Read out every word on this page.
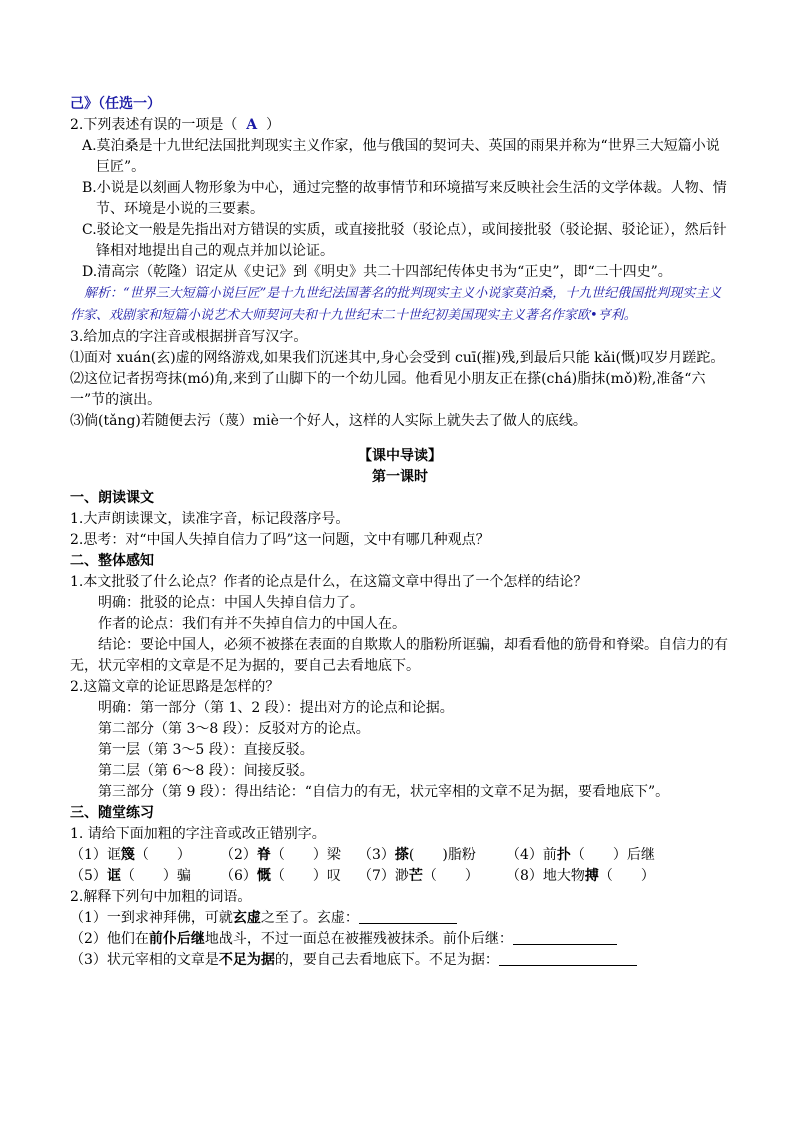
己》（任选一）
2.下列表述有误的一项是（ A ）
A.莫泊桑是十九世纪法国批判现实主义作家，他与俄国的契诃夫、英国的雨果并称为“世界三大短篇小说巨匠”。
B.小说是以刻画人物形象为中心，通过完整的故事情节和环境描写来反映社会生活的文学体裁。人物、情节、环境是小说的三要素。
C.驳论文一般是先指出对方错误的实质，或直接批驳（驳论点），或间接批驳（驳论据、驳论证），然后针锋相对地提出自己的观点并加以论证。
D.清高宗（乾隆）诏定从《史记》到《明史》共二十四部纪传体史书为“正史”，即“二十四史”。
解析：“世界三大短篇小说巨匠”是十九世纪法国著名的批判现实主义小说家莫泊桑，十九世纪俄国批判现实主义作家、戏剧家和短篇小说艺术大师契诃夫和十九世纪末二十世纪初美国现实主义著名作家欧•亨利。
3.给加点的字注音或根据拼音写汉字。
⑴面对 xuán(玄)虚的网络游戏,如果我们沉迷其中,身心会受到 cuī(摧)残,到最后只能 kǎi(慨)叹岁月蹉跎。
⑵这位记者拐弯抹(mó)角,来到了山脚下的一个幼儿园。他看见小朋友正在搽(chá)脂抹(mǒ)粉,准备“六一”节的演出。
⑶倘(tǎng)若随便去污（蔑）miè一个好人，这样的人实际上就失去了做人的底线。
【课中导读】
第一课时
一、朗读课文
1.大声朗读课文，读准字音，标记段落序号。
2.思考：对“中国人失掉自信力了吗”这一问题，文中有哪几种观点？
二、整体感知
1.本文批驳了什么论点？作者的论点是什么，在这篇文章中得出了一个怎样的结论？
明确：批驳的论点：中国人失掉自信力了。
作者的论点：我们有并不失掉自信力的中国人在。
结论：要论中国人，必须不被搽在表面的自欺欺人的脂粉所诓骗，却看看他的筋骨和脊梁。自信力的有无，状元宰相的文章是不足为据的，要自己去看地底下。
2.这篇文章的论证思路是怎样的？
明确：第一部分（第 1、2 段）：提出对方的论点和论据。
第二部分（第 3～8 段）：反驳对方的论点。
第一层（第 3～5 段）：直接反驳。
第二层（第 6～8 段）：间接反驳。
第三部分（第 9 段）：得出结论：“自信力的有无，状元宰相的文章不足为据，要看地底下”。
三、随堂练习
1. 请给下面加粗的字注音或改正错别字。
（1）诓篾（　　）	（2）脊（　　）梁	（3）搽(　　)脂粉	（4）前扑（　　）后继
（5）诓（　　）骗	（6）慨（　　）叹	（7）渺芒（　　）	（8）地大物搏（　　）
2.解释下列句中加粗的词语。
（1）一到求神拜佛，可就玄虚之至了。玄虚：
（2）他们在前仆后继地战斗，不过一面总在被摧残被抹杀。前仆后继：
（3）状元宰相的文章是不足为据的，要自己去看地底下。不足为据：
